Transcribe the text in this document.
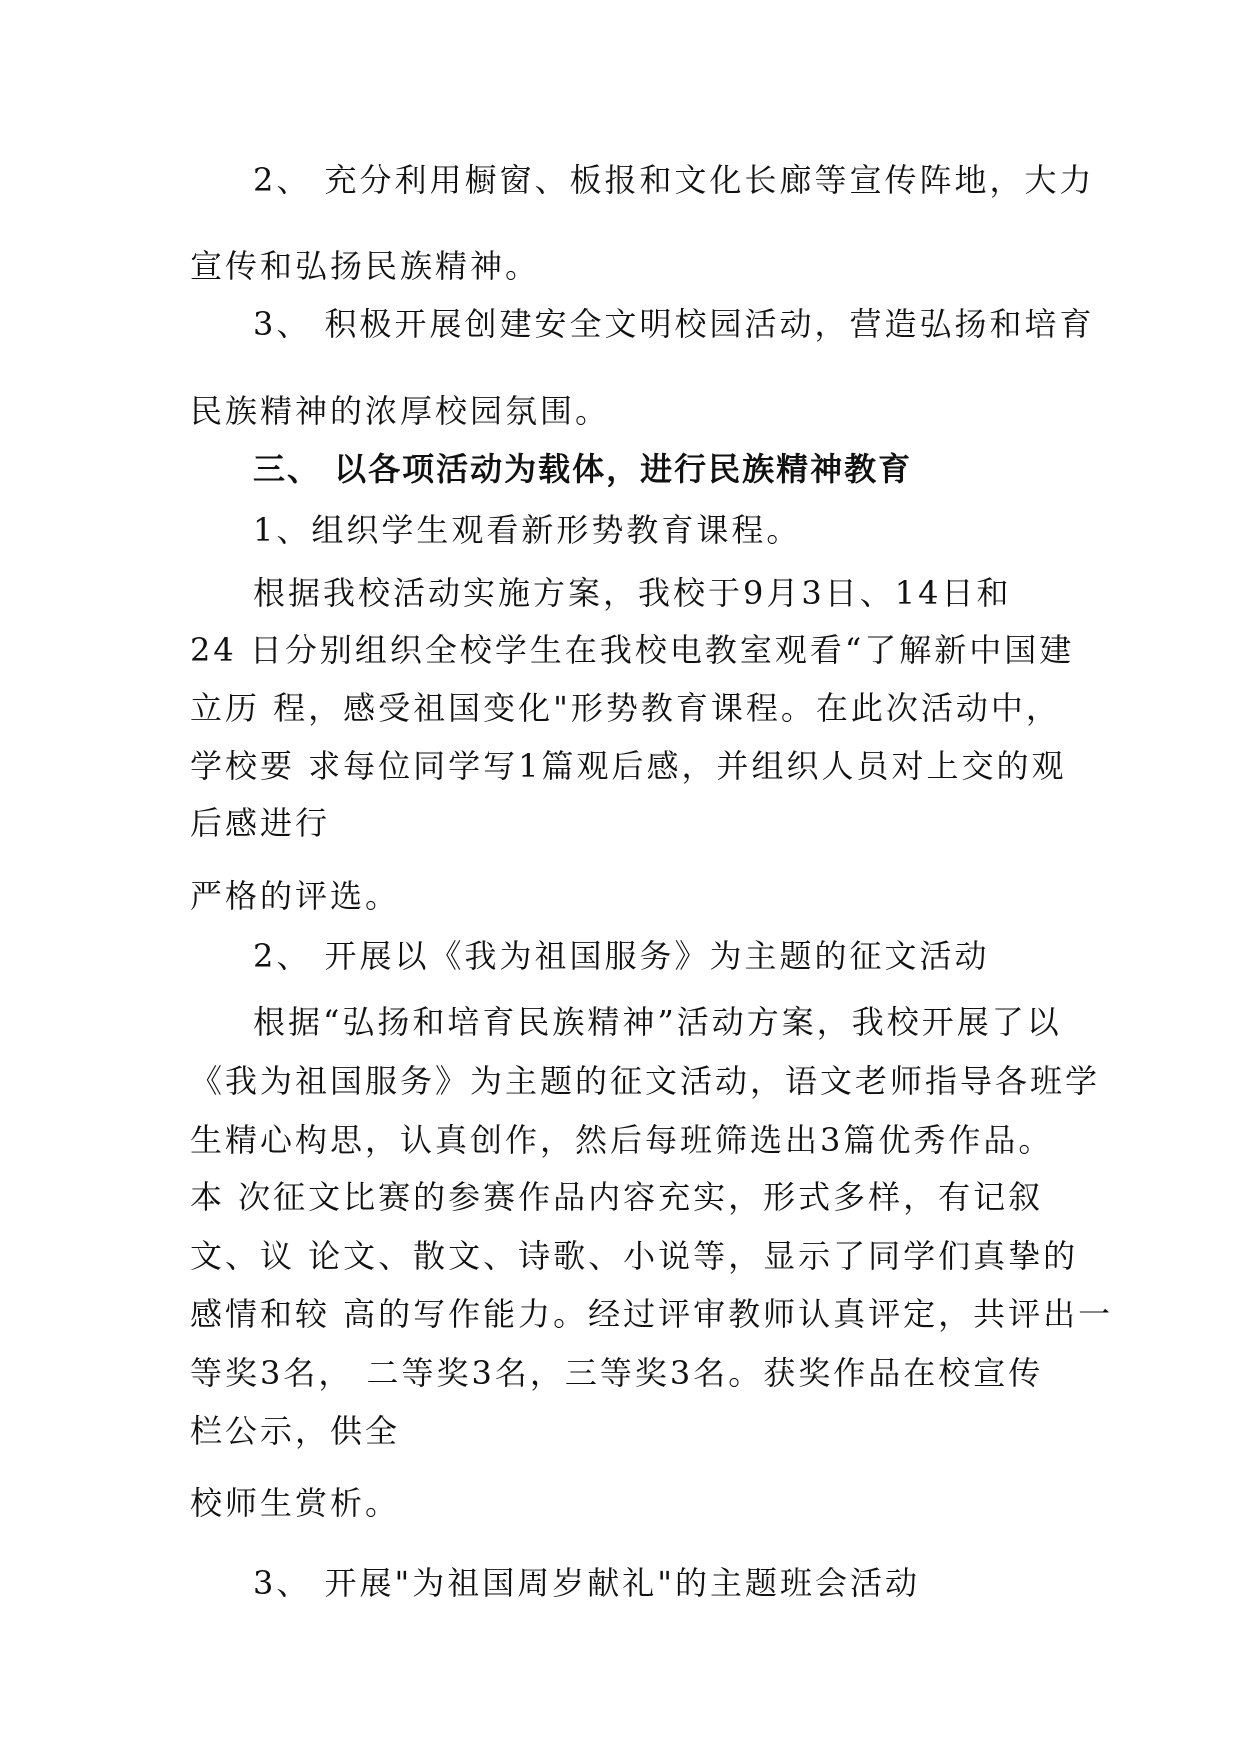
2、 充分利用橱窗、板报和文化长廊等宣传阵地，大力
宣传和弘扬民族精神。
3、 积极开展创建安全文明校园活动，营造弘扬和培育
民族精神的浓厚校园氛围。
三、 以各项活动为载体，进行民族精神教育
1、组织学生观看新形势教育课程。
根据我校活动实施方案，我校于9月3日、14日和
24 日分别组织全校学生在我校电教室观看“了解新中国建
立历 程，感受祖国变化"形势教育课程。在此次活动中，
学校要 求每位同学写1篇观后感，并组织人员对上交的观
后感进行
严格的评选。
2、 开展以《我为祖国服务》为主题的征文活动
根据“弘扬和培育民族精神”活动方案，我校开展了以
《我为祖国服务》为主题的征文活动，语文老师指导各班学
生精心构思，认真创作，然后每班筛选出3篇优秀作品。
本 次征文比赛的参赛作品内容充实，形式多样，有记叙
文、议 论文、散文、诗歌、小说等，显示了同学们真挚的
感情和较 高的写作能力。经过评审教师认真评定，共评出一
等奖3名， 二等奖3名，三等奖3名。获奖作品在校宣传
栏公示，供全
校师生赏析。
3、 开展"为祖国周岁献礼"的主题班会活动
